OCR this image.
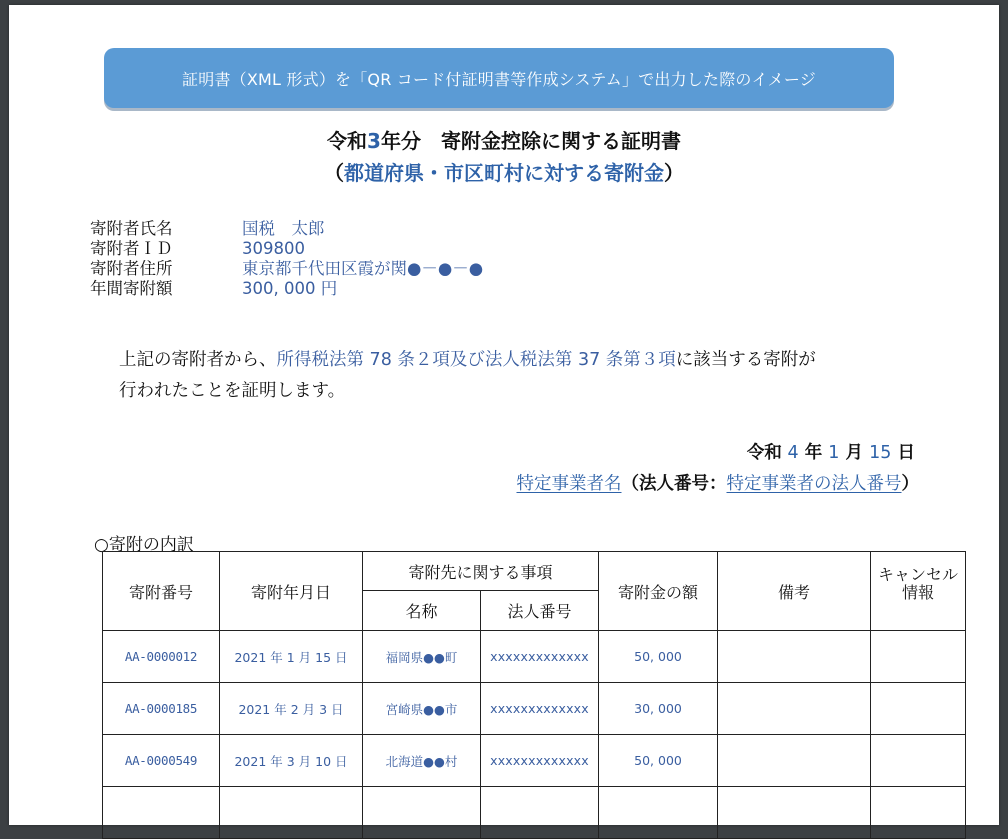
証明書（XML 形式）を「QR コード付証明書等作成システム」で出力した際のイメージ
令和3年分　寄附金控除に関する証明書
（都道府県・市区町村に対する寄附金）
寄附者氏名	国税　太郎
寄附者ＩＤ	309800
寄附者住所	東京都千代田区霞が関●－●－●
年間寄附額	300, 000 円
上記の寄附者から、所得税法第 78 条２項及び法人税法第 37 条第３項に該当する寄附が
行われたことを証明します。
令和 4 年 1 月 15 日
特定事業者名（法人番号：特定事業者の法人番号）
○寄附の内訳
寄附番号	寄附年月日	寄附先に関する事項		寄附金の額	備考	キャンセル
情報

		名称	法人番号			
AA-0000012	2021 年 1 月 15 日	福岡県●●町	xxxxxxxxxxxxx	50, 000		
AA-0000185	2021 年 2 月 3 日	宮崎県●●市	xxxxxxxxxxxxx	30, 000		
AA-0000549	2021 年 3 月 10 日	北海道●●村	xxxxxxxxxxxxx	50, 000		
